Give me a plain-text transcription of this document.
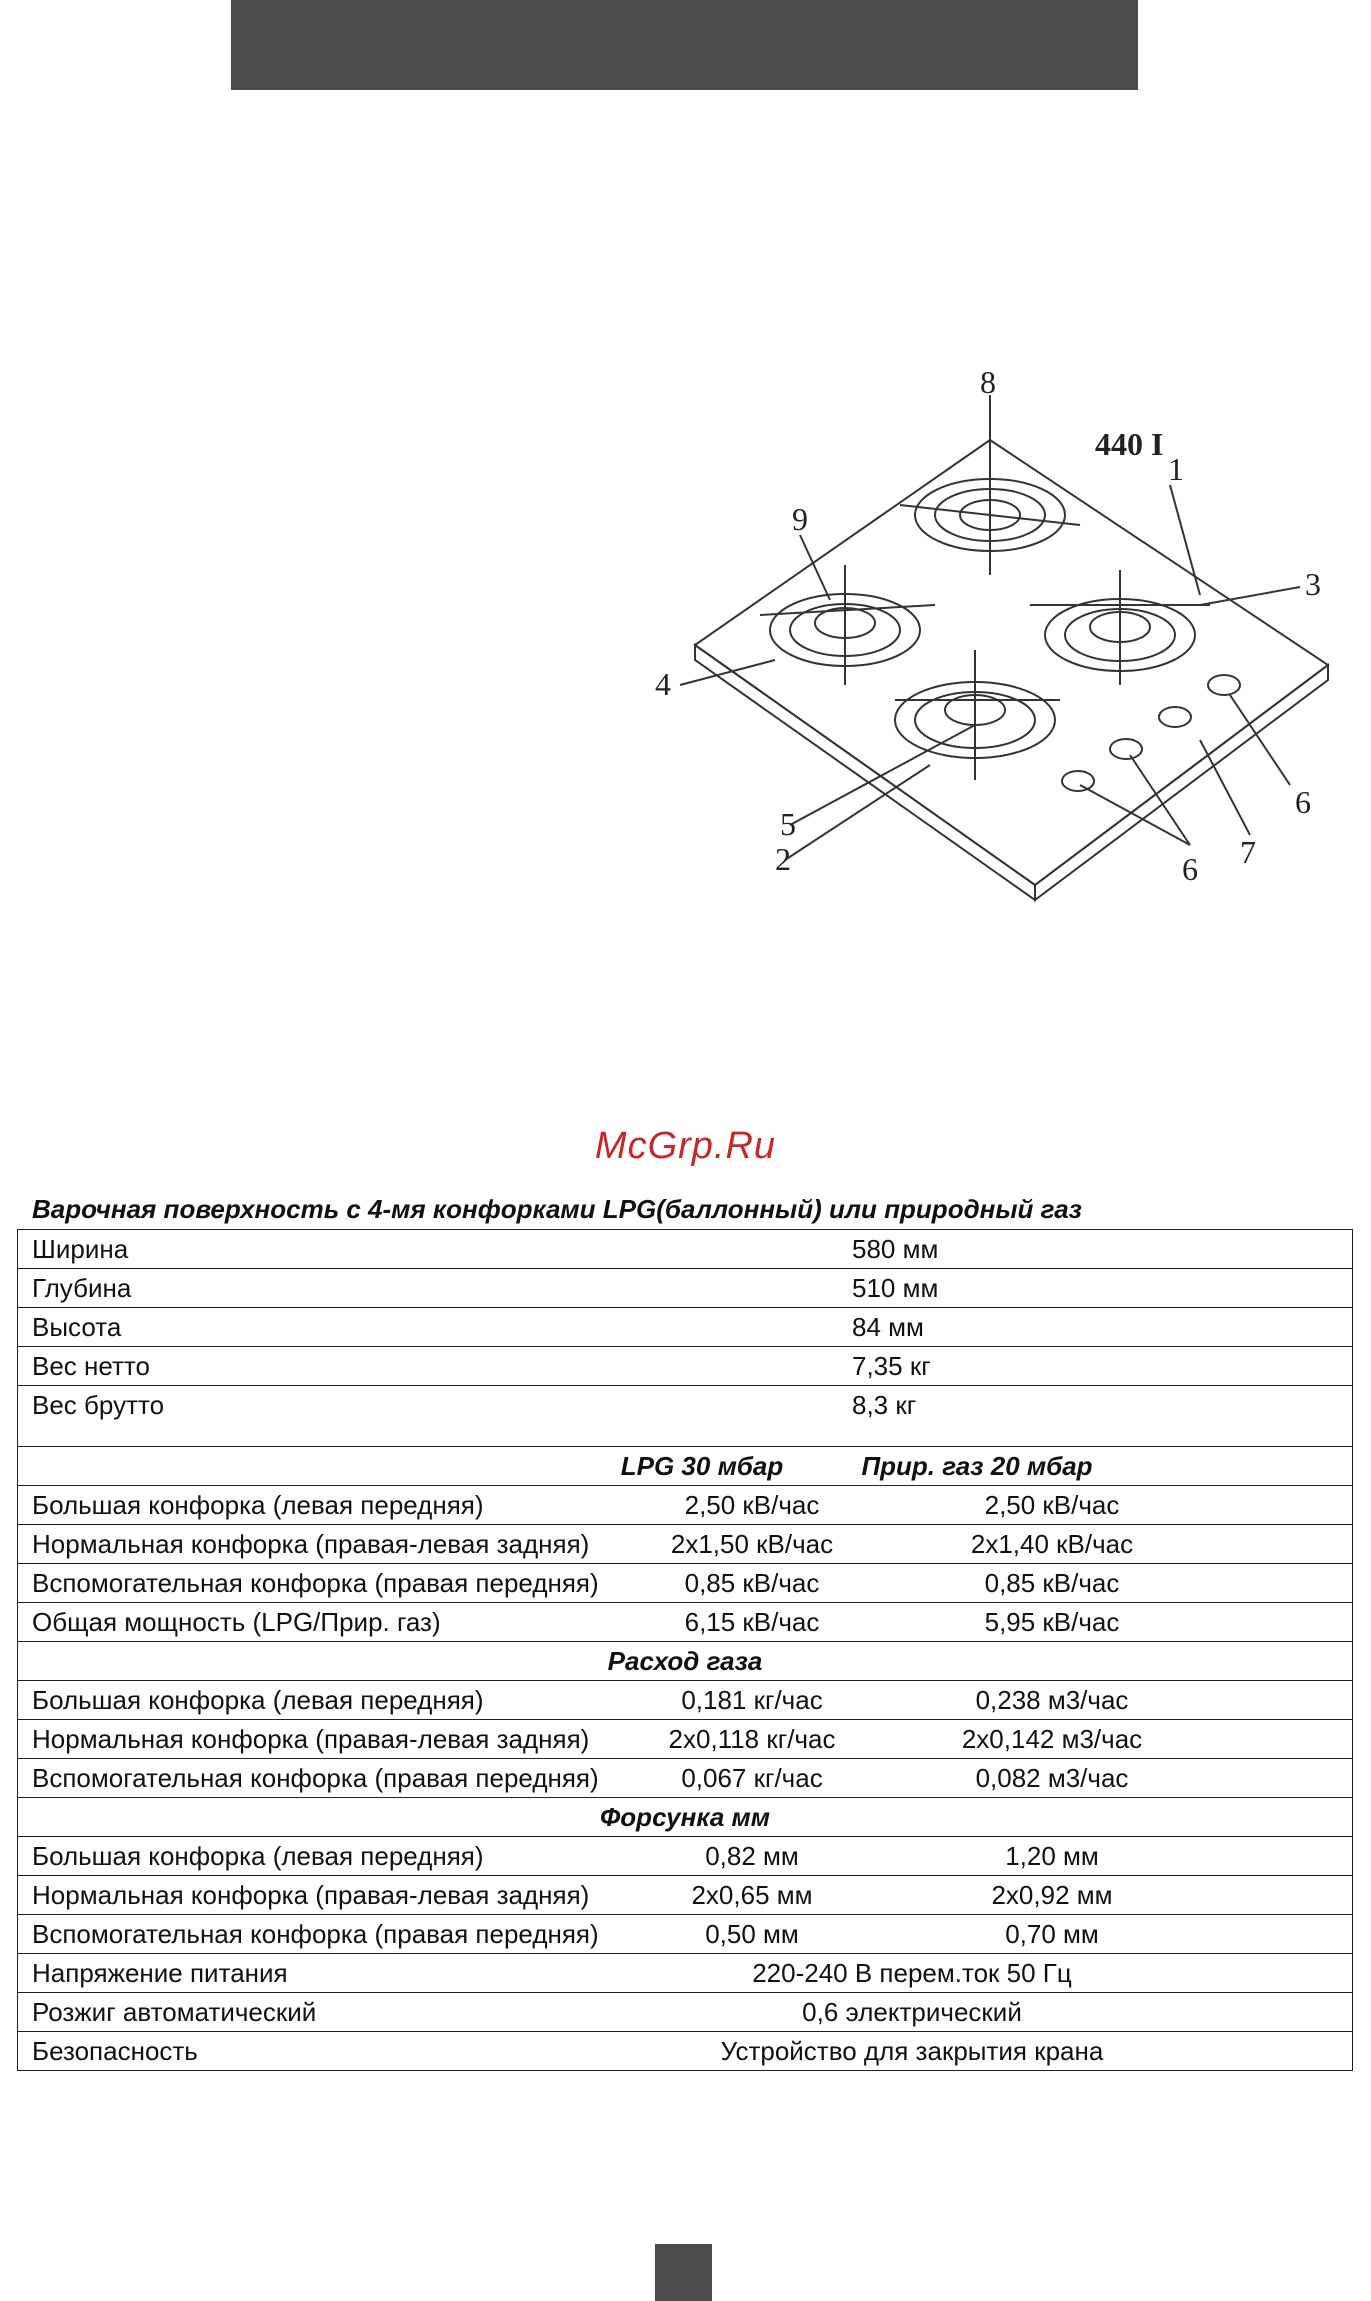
440 I
1
2
3
4
5
6
6 7
8
9
McGrp.Ru
Варочная поверхность с 4-мя конфорками LPG(баллонный) или природный газ
Ширина	580 мм

Глубина	510 мм

Высота	84 мм

Вес нетто	7,35 кг

Вес брутто	8,3 кг

LPG 30 мбар	Прир. газ 20 мбар

Большая конфорка (левая передняя)	2,50 кВ/час	2,50 кВ/час

Нормальная конфорка (правая-левая задняя)	2x1,50 кВ/час	2x1,40 кВ/час

Вспомогательная конфорка (правая передняя)	0,85 кВ/час	0,85 кВ/час

Общая мощность (LPG/Прир. газ)	6,15 кВ/час	5,95 кВ/час

Расход газа

Большая конфорка (левая передняя)	0,181 кг/час	0,238 м3/час

Нормальная конфорка (правая-левая задняя)	2x0,118 кг/час	2x0,142 м3/час

Вспомогательная конфорка (правая передняя)	0,067 кг/час	0,082 м3/час

Форсунка мм

Большая конфорка (левая передняя)	0,82 мм	1,20 мм

Нормальная конфорка (правая-левая задняя)	2x0,65 мм	2x0,92 мм

Вспомогательная конфорка (правая передняя)	0,50 мм	0,70 мм

Напряжение питания	220-240 В перем.ток 50 Гц

Розжиг автоматический	0,6 электрический

Безопасность	Устройство для закрытия крана
